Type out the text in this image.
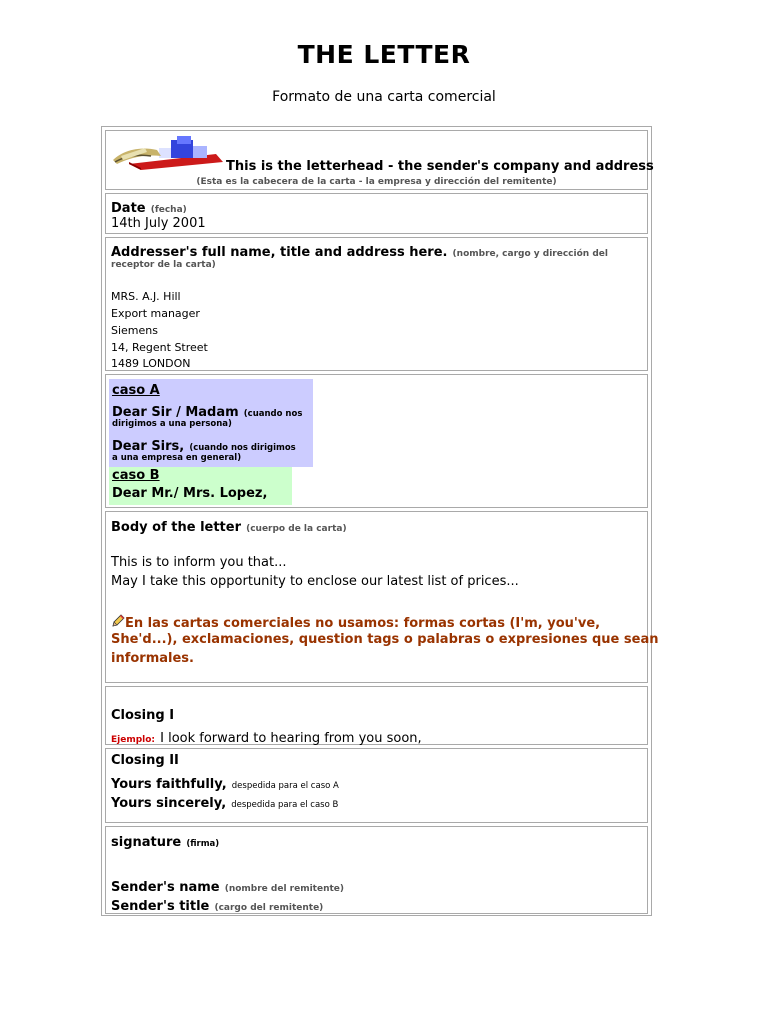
THE LETTER
Formato de una carta comercial
This is the letterhead - the sender's company and address
(Esta es la cabecera de la carta - la empresa y dirección del remitente)
Date (fecha)
14th July 2001
Addresser's full name, title and address here. (nombre, cargo y dirección del
receptor de la carta)
MRS. A.J. Hill
Export manager
Siemens
14, Regent Street
1489 LONDON
caso A
Dear Sir / Madam (cuando nos
dirigimos a una persona)
Dear Sirs, (cuando nos dirigimos
a una empresa en general)
caso B
Dear Mr./ Mrs. Lopez,
Body of the letter (cuerpo de la carta)
This is to inform you that...
May I take this opportunity to enclose our latest list of prices...
En las cartas comerciales no usamos: formas cortas (I'm, you've,
She'd...), exclamaciones, question tags o palabras o expresiones que sean
informales.
Closing I
Ejemplo: I look forward to hearing from you soon,
Closing II
Yours faithfully, despedida para el caso A
Yours sincerely, despedida para el caso B
signature (firma)
Sender's name (nombre del remitente)
Sender's title (cargo del remitente)
